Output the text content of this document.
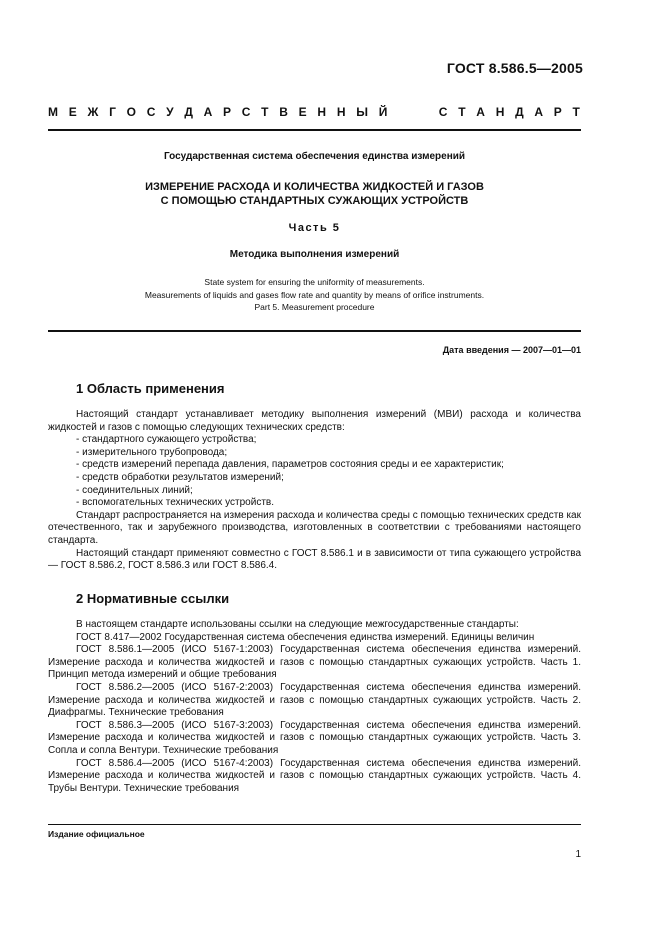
ГОСТ 8.586.5—2005
М Е Ж Г О С У Д А Р С Т В Е Н Н Ы Й	С Т А Н Д А Р Т
Государственная система обеспечения единства измерений
ИЗМЕРЕНИЕ РАСХОДА И КОЛИЧЕСТВА ЖИДКОСТЕЙ И ГАЗОВ
С ПОМОЩЬЮ СТАНДАРТНЫХ СУЖАЮЩИХ УСТРОЙСТВ
Часть 5
Методика выполнения измерений
State system for ensuring the uniformity of measurements.
Measurements of liquids and gases flow rate and quantity by means of orifice instruments.
Part 5. Measurement procedure
Дата введения — 2007—01—01
1 Область применения

Настоящий стандарт устанавливает методику выполнения измерений (МВИ) расхода и количества жидкостей и газов с помощью следующих технических средств:

- стандартного сужающего устройства;

- измерительного трубопровода;

- средств измерений перепада давления, параметров состояния среды и ее характеристик;

- средств обработки результатов измерений;

- соединительных линий;

- вспомогательных технических устройств.

Стандарт распространяется на измерения расхода и количества среды с помощью технических средств как отечественного, так и зарубежного производства, изготовленных в соответствии с требованиями настоящего стандарта.

Настоящий стандарт применяют совместно с ГОСТ 8.586.1 и в зависимости от типа сужающего устройства — ГОСТ 8.586.2, ГОСТ 8.586.3 или ГОСТ 8.586.4.

2 Нормативные ссылки

В настоящем стандарте использованы ссылки на следующие межгосударственные стандарты:

ГОСТ 8.417—2002 Государственная система обеспечения единства измерений. Единицы величин

ГОСТ 8.586.1—2005 (ИСО 5167-1:2003) Государственная система обеспечения единства измерений. Измерение расхода и количества жидкостей и газов с помощью стандартных сужающих устройств. Часть 1. Принцип метода измерений и общие требования

ГОСТ 8.586.2—2005 (ИСО 5167-2:2003) Государственная система обеспечения единства измерений. Измерение расхода и количества жидкостей и газов с помощью стандартных сужающих устройств. Часть 2. Диафрагмы. Технические требования

ГОСТ 8.586.3—2005 (ИСО 5167-3:2003) Государственная система обеспечения единства измерений. Измерение расхода и количества жидкостей и газов с помощью стандартных сужающих устройств. Часть 3. Сопла и сопла Вентури. Технические требования

ГОСТ 8.586.4—2005 (ИСО 5167-4:2003) Государственная система обеспечения единства измерений. Измерение расхода и количества жидкостей и газов с помощью стандартных сужающих устройств. Часть 4. Трубы Вентури. Технические требования

Издание официальное
1
